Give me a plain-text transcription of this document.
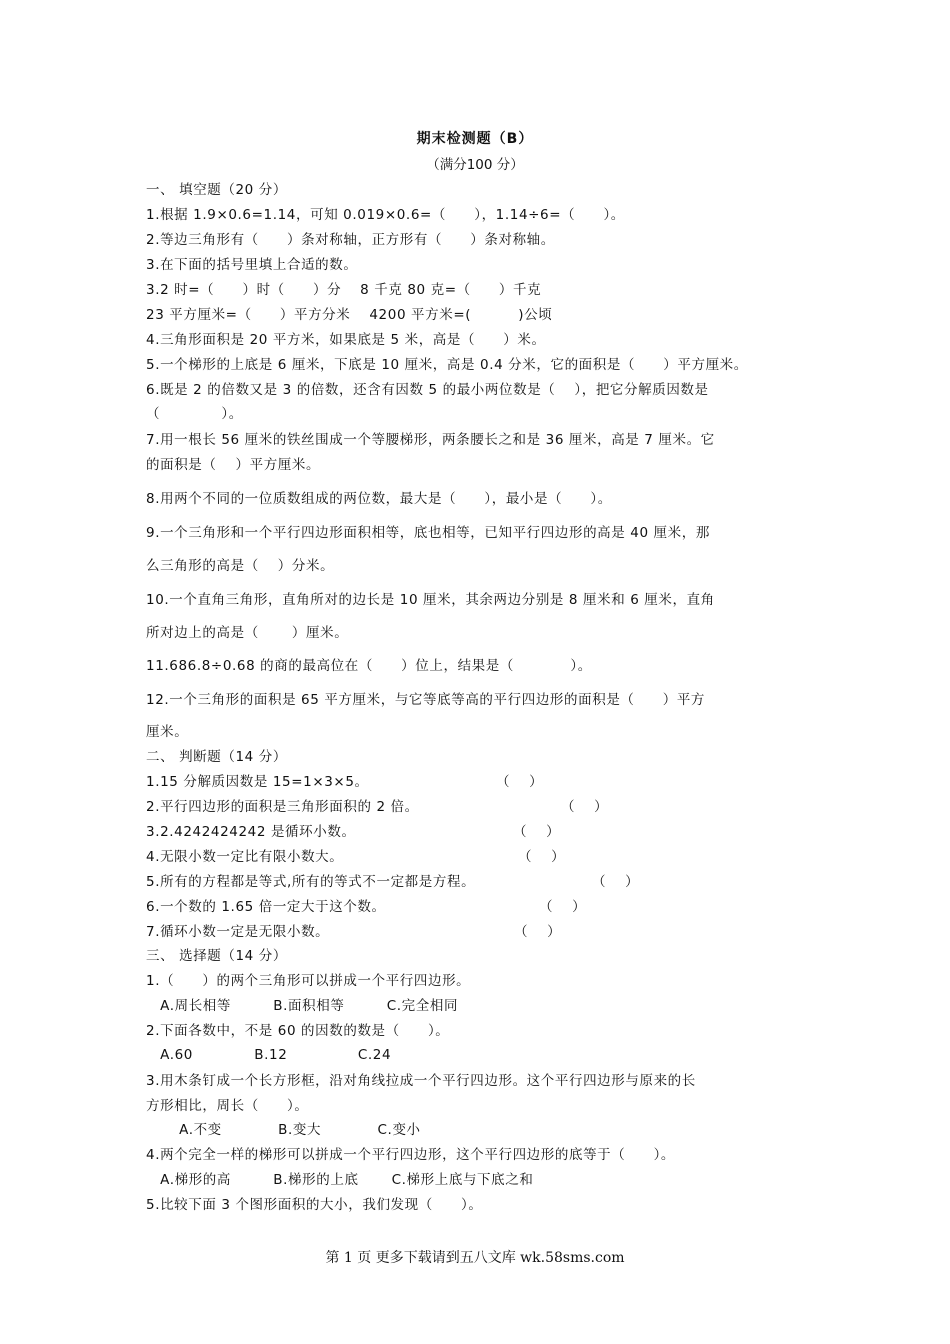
期末检测题（B）
（满分100 分）
一、 填空题（20 分）
1.根据 1.9×0.6=1.14，可知 0.019×0.6=（　　），1.14÷6=（　　）。
2.等边三角形有（　　）条对称轴，正方形有（　　）条对称轴。
3.在下面的括号里填上合适的数。
3.2 时=（　　）时（　　）分　 8 千克 80 克=（　　）千克
23 平方厘米=（　　）平方分米　 4200 平方米=(　　　 )公顷
4.三角形面积是 20 平方米，如果底是 5 米，高是（　　）米。
5.一个梯形的上底是 6 厘米，下底是 10 厘米，高是 0.4 分米，它的面积是（　　）平方厘米。
6.既是 2 的倍数又是 3 的倍数，还含有因数 5 的最小两位数是（　 ），把它分解质因数是
（　　　　 ）。
7.用一根长 56 厘米的铁丝围成一个等腰梯形，两条腰长之和是 36 厘米，高是 7 厘米。它
的面积是（　 ）平方厘米。
8.用两个不同的一位质数组成的两位数，最大是（　　），最小是（　　）。
9.一个三角形和一个平行四边形面积相等，底也相等，已知平行四边形的高是 40 厘米，那
么三角形的高是（　 ）分米。
10.一个直角三角形，直角所对的边长是 10 厘米，其余两边分别是 8 厘米和 6 厘米，直角
所对边上的高是（　　 ）厘米。
11.686.8÷0.68 的商的最高位在（　　）位上，结果是（　　　　）。
12.一个三角形的面积是 65 平方厘米，与它等底等高的平行四边形的面积是（　　）平方
厘米。
二、 判断题（14 分）
1.15 分解质因数是 15=1×3×5。	（　 ）
2.平行四边形的面积是三角形面积的 2 倍。	（　 ）
3.2.4242424242 是循环小数。	（　 ）
4.无限小数一定比有限小数大。	（　 ）
5.所有的方程都是等式,所有的等式不一定都是方程。	（　 ）
6.一个数的 1.65 倍一定大于这个数。	（　 ）
7.循环小数一定是无限小数。	（　 ）
三、 选择题（14 分）
1.（　　）的两个三角形可以拼成一个平行四边形。
　A.周长相等　　　B.面积相等　　　C.完全相同
2.下面各数中，不是 60 的因数的数是（　　）。
　A.60　　　　 B.12　　　　　C.24
3.用木条钉成一个长方形框，沿对角线拉成一个平行四边形。这个平行四边形与原来的长
方形相比，周长（　　）。
　　 A.不变　　　　B.变大　　　　C.变小
4.两个完全一样的梯形可以拼成一个平行四边形，这个平行四边形的底等于（　　）。
　A.梯形的高　　　B.梯形的上底　　 C.梯形上底与下底之和
5.比较下面 3 个图形面积的大小，我们发现（　　）。
第 1 页 更多下载请到五八文库 wk.58sms.com
